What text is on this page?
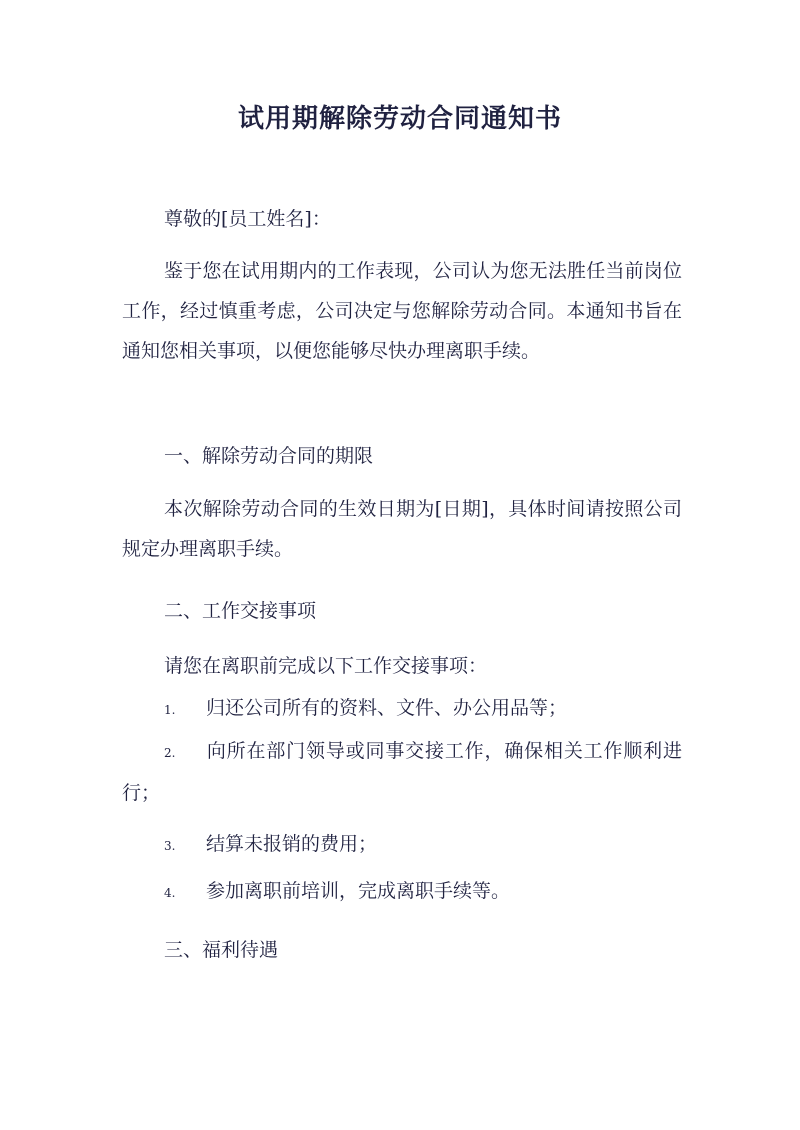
试用期解除劳动合同通知书
尊敬的[员工姓名]：
鉴于您在试用期内的工作表现，公司认为您无法胜任当前岗位工作，经过慎重考虑，公司决定与您解除劳动合同。本通知书旨在通知您相关事项，以便您能够尽快办理离职手续。
一、解除劳动合同的期限
本次解除劳动合同的生效日期为[日期]，具体时间请按照公司规定办理离职手续。
二、工作交接事项
请您在离职前完成以下工作交接事项：
1. 归还公司所有的资料、文件、办公用品等；
2. 向所在部门领导或同事交接工作，确保相关工作顺利进行；
3. 结算未报销的费用；
4. 参加离职前培训，完成离职手续等。
三、福利待遇
